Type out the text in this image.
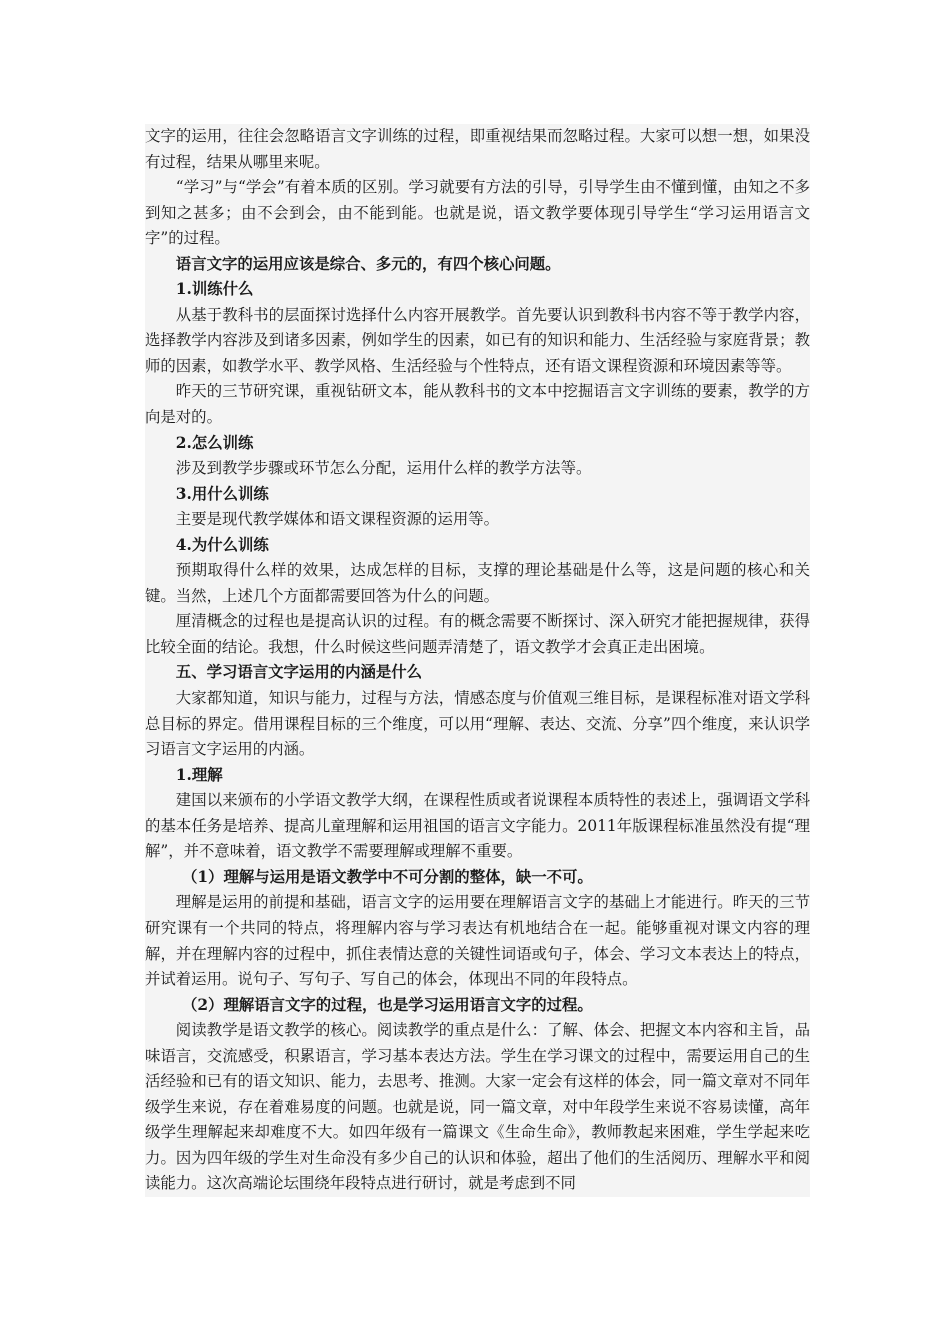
文字的运用，往往会忽略语言文字训练的过程，即重视结果而忽略过程。大家可以想一想，如果没有过程，结果从哪里来呢。

“学习”与“学会”有着本质的区别。学习就要有方法的引导，引导学生由不懂到懂，由知之不多到知之甚多；由不会到会，由不能到能。也就是说，语文教学要体现引导学生“学习运用语言文字”的过程。

语言文字的运用应该是综合、多元的，有四个核心问题。

1.训练什么

从基于教科书的层面探讨选择什么内容开展教学。首先要认识到教科书内容不等于教学内容，选择教学内容涉及到诸多因素，例如学生的因素，如已有的知识和能力、生活经验与家庭背景；教师的因素，如教学水平、教学风格、生活经验与个性特点，还有语文课程资源和环境因素等等。

昨天的三节研究课，重视钻研文本，能从教科书的文本中挖掘语言文字训练的要素，教学的方向是对的。

2.怎么训练

涉及到教学步骤或环节怎么分配，运用什么样的教学方法等。

3.用什么训练

主要是现代教学媒体和语文课程资源的运用等。

4.为什么训练

预期取得什么样的效果，达成怎样的目标，支撑的理论基础是什么等，这是问题的核心和关键。当然，上述几个方面都需要回答为什么的问题。

厘清概念的过程也是提高认识的过程。有的概念需要不断探讨、深入研究才能把握规律，获得比较全面的结论。我想，什么时候这些问题弄清楚了，语文教学才会真正走出困境。

五、学习语言文字运用的内涵是什么

大家都知道，知识与能力，过程与方法，情感态度与价值观三维目标，是课程标准对语文学科总目标的界定。借用课程目标的三个维度，可以用“理解、表达、交流、分享”四个维度，来认识学习语言文字运用的内涵。

1.理解

建国以来颁布的小学语文教学大纲，在课程性质或者说课程本质特性的表述上，强调语文学科的基本任务是培养、提高儿童理解和运用祖国的语言文字能力。2011年版课程标准虽然没有提“理解”，并不意味着，语文教学不需要理解或理解不重要。

（1）理解与运用是语文教学中不可分割的整体，缺一不可。

理解是运用的前提和基础，语言文字的运用要在理解语言文字的基础上才能进行。昨天的三节研究课有一个共同的特点，将理解内容与学习表达有机地结合在一起。能够重视对课文内容的理解，并在理解内容的过程中，抓住表情达意的关键性词语或句子，体会、学习文本表达上的特点，并试着运用。说句子、写句子、写自己的体会，体现出不同的年段特点。

（2）理解语言文字的过程，也是学习运用语言文字的过程。

阅读教学是语文教学的核心。阅读教学的重点是什么：了解、体会、把握文本内容和主旨，品味语言，交流感受，积累语言，学习基本表达方法。学生在学习课文的过程中，需要运用自己的生活经验和已有的语文知识、能力，去思考、推测。大家一定会有这样的体会，同一篇文章对不同年级学生来说，存在着难易度的问题。也就是说，同一篇文章，对中年段学生来说不容易读懂，高年级学生理解起来却难度不大。如四年级有一篇课文《生命生命》，教师教起来困难，学生学起来吃力。因为四年级的学生对生命没有多少自己的认识和体验，超出了他们的生活阅历、理解水平和阅读能力。这次高端论坛围绕年段特点进行研讨，就是考虑到不同
